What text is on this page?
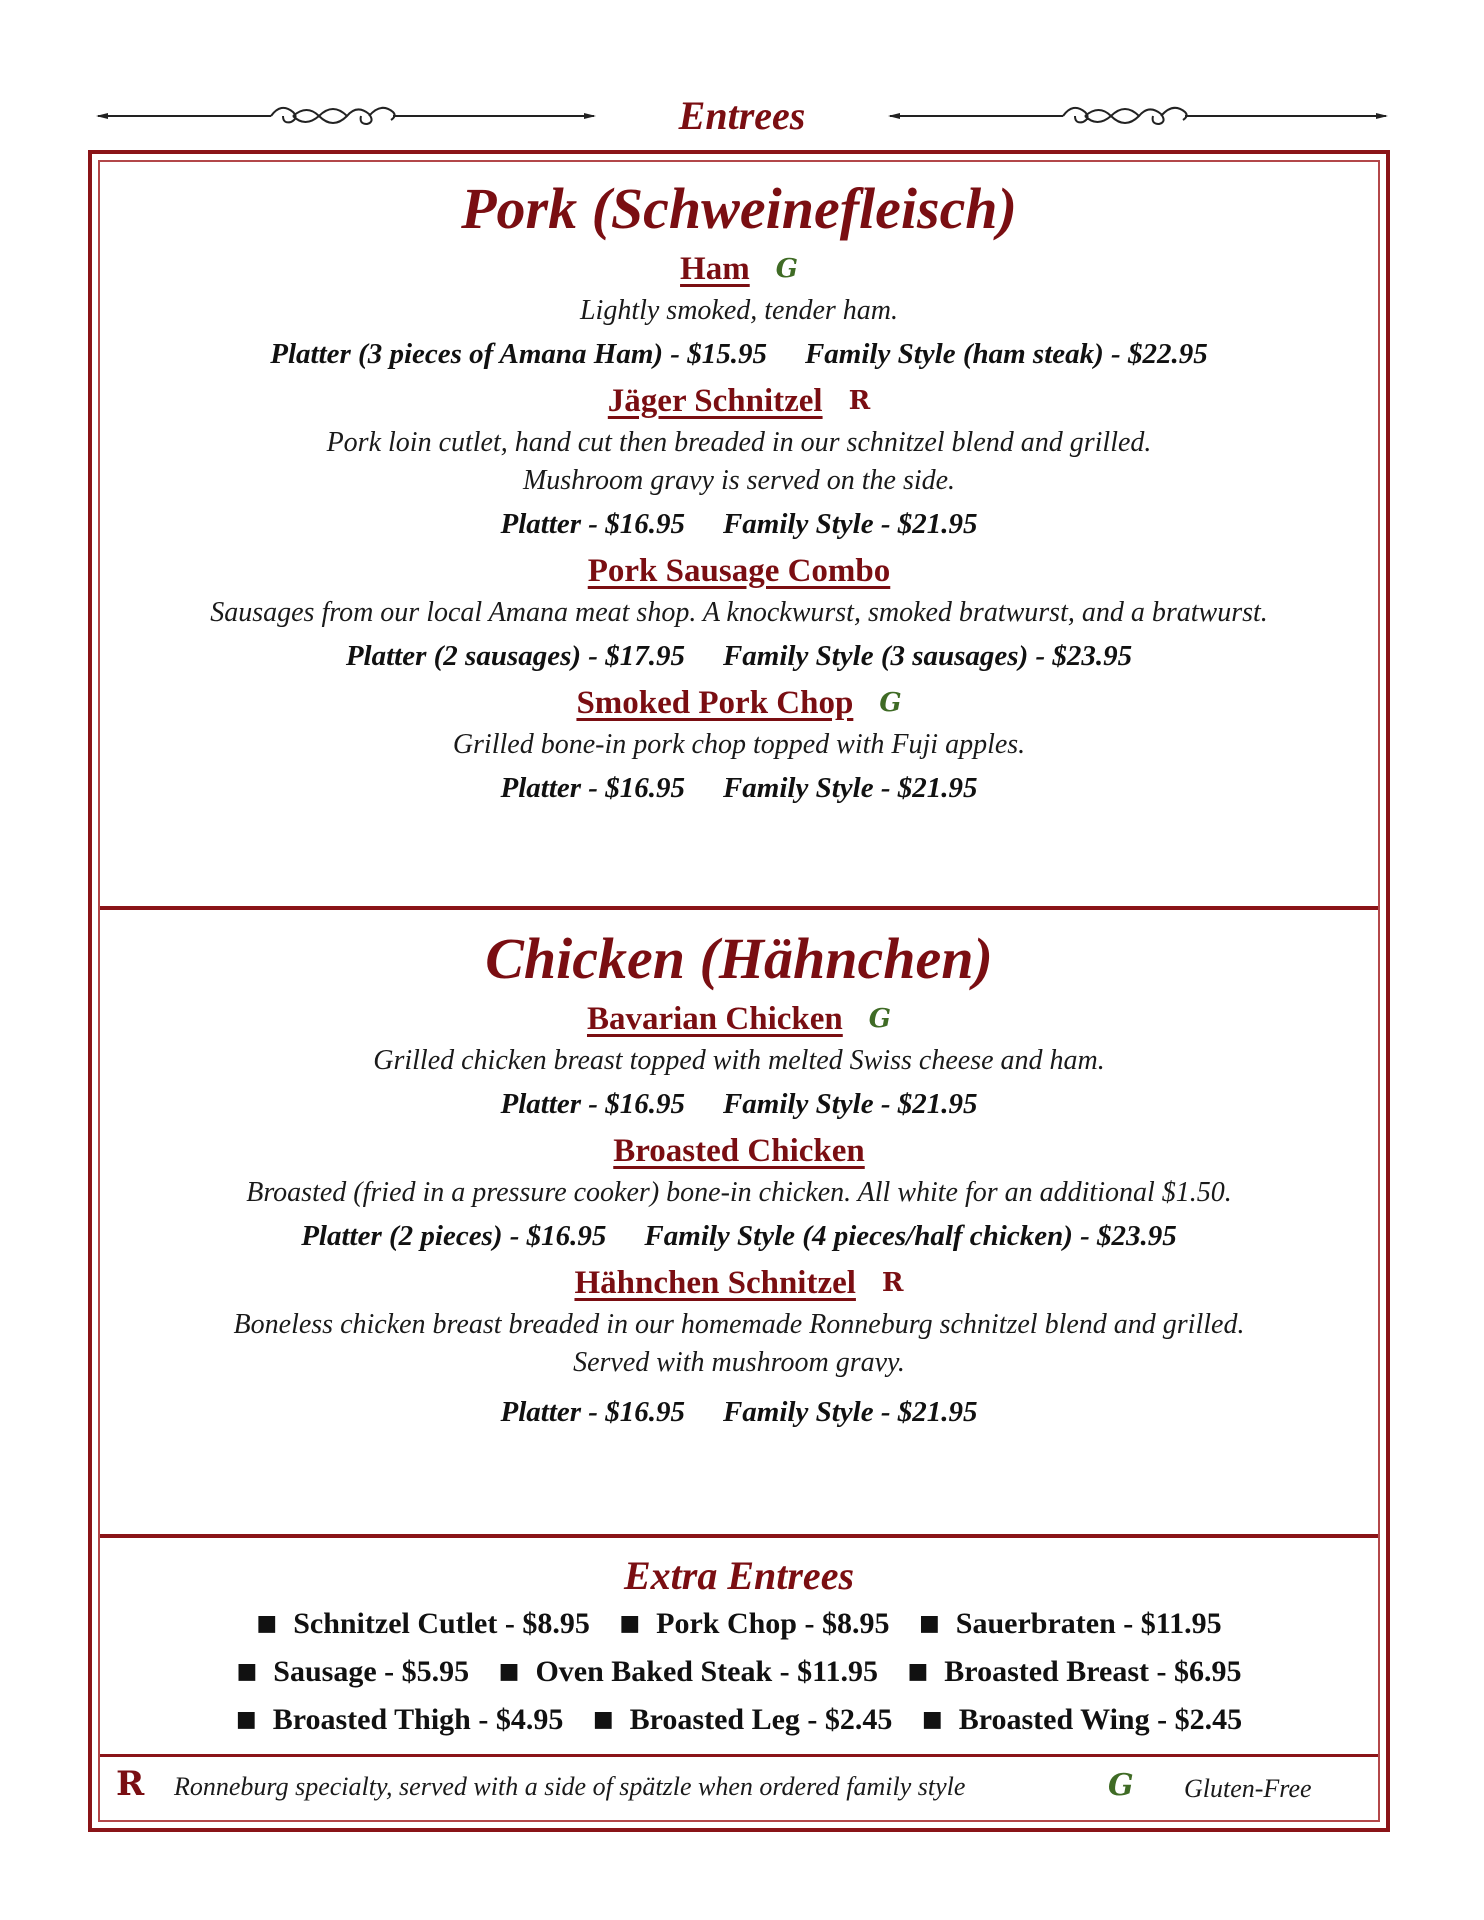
Entrees
Pork (Schweinefleisch)
Ham G
Lightly smoked, tender ham.
Platter (3 pieces of Amana Ham) - $15.95 Family Style (ham steak) - $22.95
Jäger Schnitzel R
Pork loin cutlet, hand cut then breaded in our schnitzel blend and grilled.
Mushroom gravy is served on the side.
Platter - $16.95 Family Style - $21.95
Pork Sausage Combo
Sausages from our local Amana meat shop. A knockwurst, smoked bratwurst, and a bratwurst.
Platter (2 sausages) - $17.95 Family Style (3 sausages) - $23.95
Smoked Pork Chop G
Grilled bone-in pork chop topped with Fuji apples.
Platter - $16.95 Family Style - $21.95
Chicken (Hähnchen)
Bavarian Chicken G
Grilled chicken breast topped with melted Swiss cheese and ham.
Platter - $16.95 Family Style - $21.95
Broasted Chicken
Broasted (fried in a pressure cooker) bone-in chicken. All white for an additional $1.50.
Platter (2 pieces) - $16.95 Family Style (4 pieces/half chicken) - $23.95
Hähnchen Schnitzel R
Boneless chicken breast breaded in our homemade Ronneburg schnitzel blend and grilled.
Served with mushroom gravy.
Platter - $16.95 Family Style - $21.95
Extra Entrees
■ Schnitzel Cutlet - $8.95 ■ Pork Chop - $8.95 ■ Sauerbraten - $11.95
■ Sausage - $5.95 ■ Oven Baked Steak - $11.95 ■ Broasted Breast - $6.95
■ Broasted Thigh - $4.95 ■ Broasted Leg - $2.45 ■ Broasted Wing - $2.45
R Ronneburg specialty, served with a side of spätzle when ordered family style	G Gluten-Free
